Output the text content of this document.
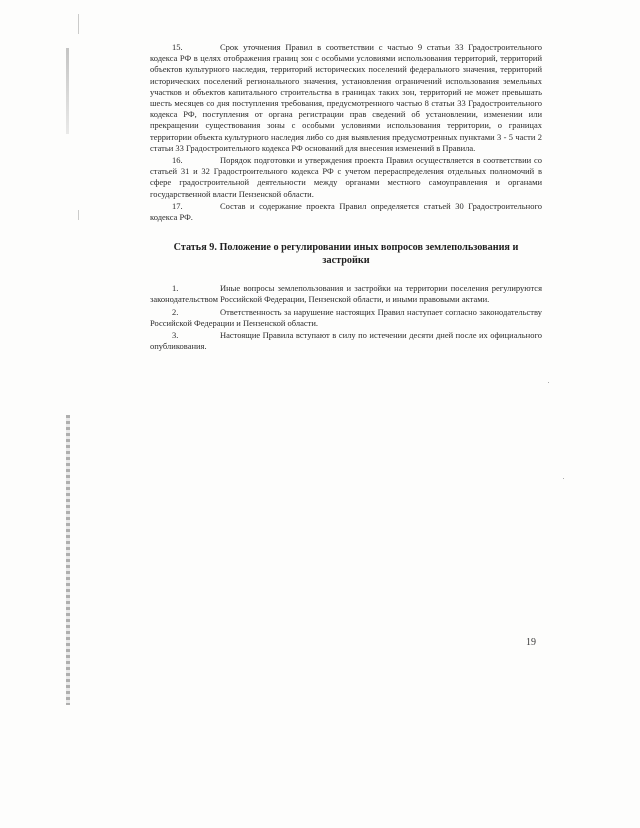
15.	Срок уточнения Правил в соответствии с частью 9 статьи 33 Градостроительного кодекса РФ в целях отображения границ зон с особыми условиями использования территорий, территорий объектов культурного наследия, территорий исторических поселений федерального значения, территорий исторических поселений регионального значения, установления ограничений использования земельных участков и объектов капитального строительства в границах таких зон, территорий не может превышать шесть месяцев со дня поступления требования, предусмотренного частью 8 статьи 33 Градостроительного кодекса РФ, поступления от органа регистрации прав сведений об установлении, изменении или прекращении существования зоны с особыми условиями использования территории, о границах территории объекта культурного наследия либо со дня выявления предусмотренных пунктами 3 - 5 части 2 статьи 33 Градостроительного кодекса РФ оснований для внесения изменений в Правила.

16.	Порядок подготовки и утверждения проекта Правил осуществляется в соответствии со статьей 31 и 32 Градостроительного кодекса РФ с учетом перераспределения отдельных полномочий в сфере градостроительной деятельности между органами местного самоуправления и органами государственной власти Пензенской области.

17.	Состав и содержание проекта Правил определяется статьей 30 Градостроительного кодекса РФ.

Статья 9. Положение о регулировании иных вопросов землепользования и застройки

1.	Иные вопросы землепользования и застройки на территории поселения регулируются законодательством Российской Федерации, Пензенской области, и иными правовыми актами.

2.	Ответственность за нарушение настоящих Правил наступает согласно законодательству Российской Федерации и Пензенской области.

3.	Настоящие Правила вступают в силу по истечении десяти дней после их официального опубликования.

19
